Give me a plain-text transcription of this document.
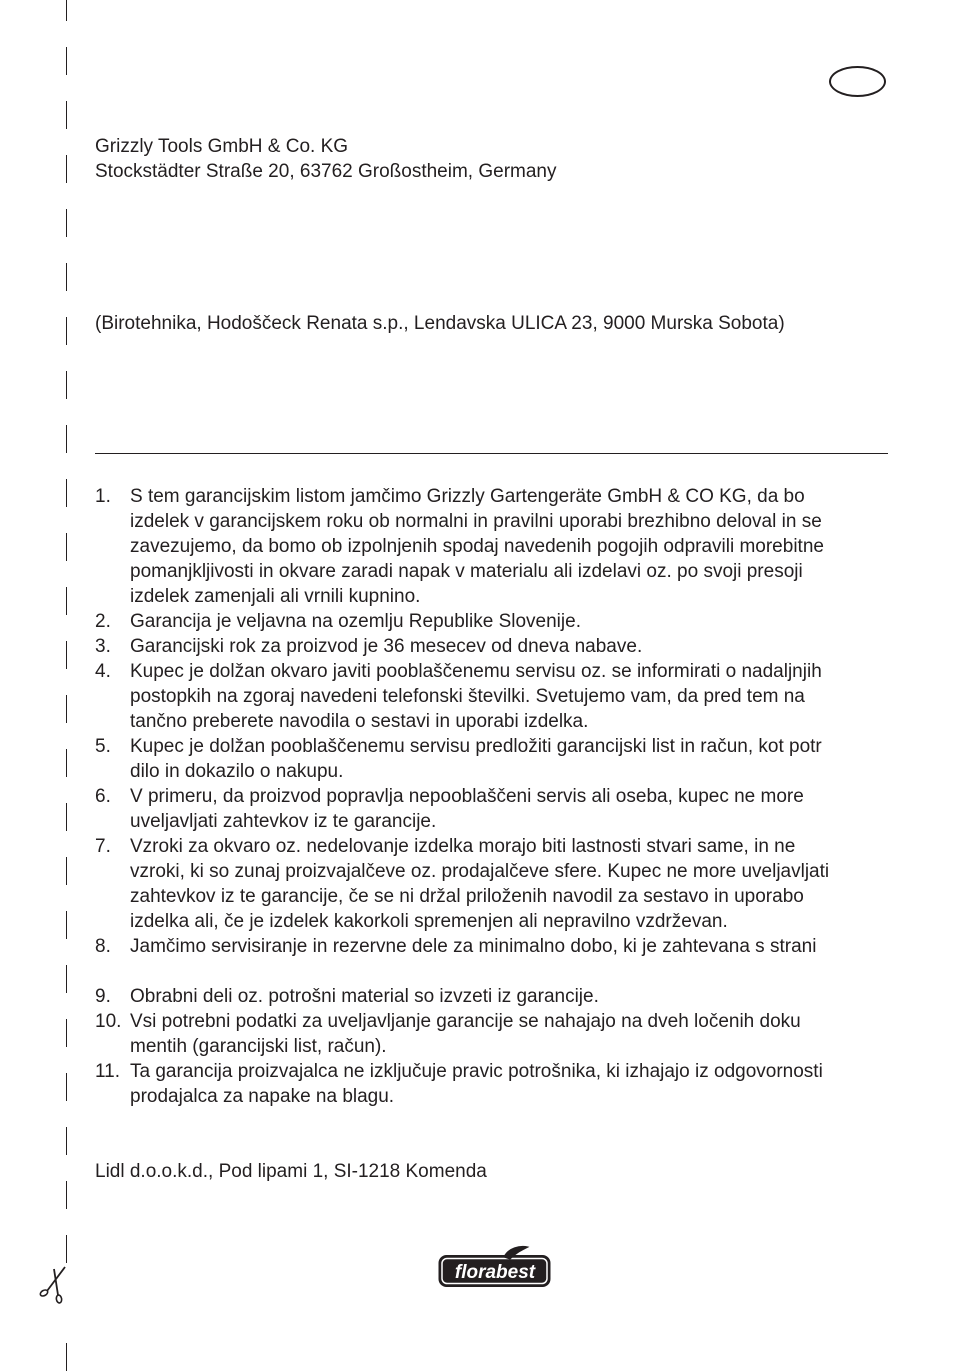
Grizzly Tools GmbH & Co. KG
Stockstädter Straße 20, 63762 Großostheim, Germany
(Birotehnika, Hodoščeck Renata s.p., Lendavska ULICA 23, 9000 Murska Sobota)
1. S tem garancijskim listom jamčimo Grizzly Gartengeräte GmbH & CO KG, da bo
izdelek v garancijskem roku ob normalni in pravilni uporabi brezhibno deloval in se
zavezujemo, da bomo ob izpolnjenih spodaj navedenih pogojih odpravili morebitne
pomanjkljivosti in okvare zaradi napak v materialu ali izdelavi oz. po svoji presoji
izdelek zamenjali ali vrnili kupnino.
2. Garancija je veljavna na ozemlju Republike Slovenije.
3. Garancijski rok za proizvod je 36 mesecev od dneva nabave.
4. Kupec je dolžan okvaro javiti pooblaščenemu servisu oz. se informirati o nadaljnjih
postopkih na zgoraj navedeni telefonski številki. Svetujemo vam, da pred tem na
tančno preberete navodila o sestavi in uporabi izdelka.
5. Kupec je dolžan pooblaščenemu servisu predložiti garancijski list in račun, kot potr
dilo in dokazilo o nakupu.
6. V primeru, da proizvod popravlja nepooblaščeni servis ali oseba, kupec ne more
uveljavljati zahtevkov iz te garancije.
7. Vzroki za okvaro oz. nedelovanje izdelka morajo biti lastnosti stvari same, in ne
vzroki, ki so zunaj proizvajalčeve oz. prodajalčeve sfere. Kupec ne more uveljavljati
zahtevkov iz te garancije, če se ni držal priloženih navodil za sestavo in uporabo
izdelka ali, če je izdelek kakorkoli spremenjen ali nepravilno vzdrževan.
8. Jamčimo servisiranje in rezervne dele za minimalno dobo, ki je zahtevana s strani
9. Obrabni deli oz. potrošni material so izvzeti iz garancije.
10. Vsi potrebni podatki za uveljavljanje garancije se nahajajo na dveh ločenih doku
mentih (garancijski list, račun).
11. Ta garancija proizvajalca ne izključuje pravic potrošnika, ki izhajajo iz odgovornosti
prodajalca za napake na blagu.
Lidl d.o.o.k.d., Pod lipami 1, SI-1218 Komenda
florabest
